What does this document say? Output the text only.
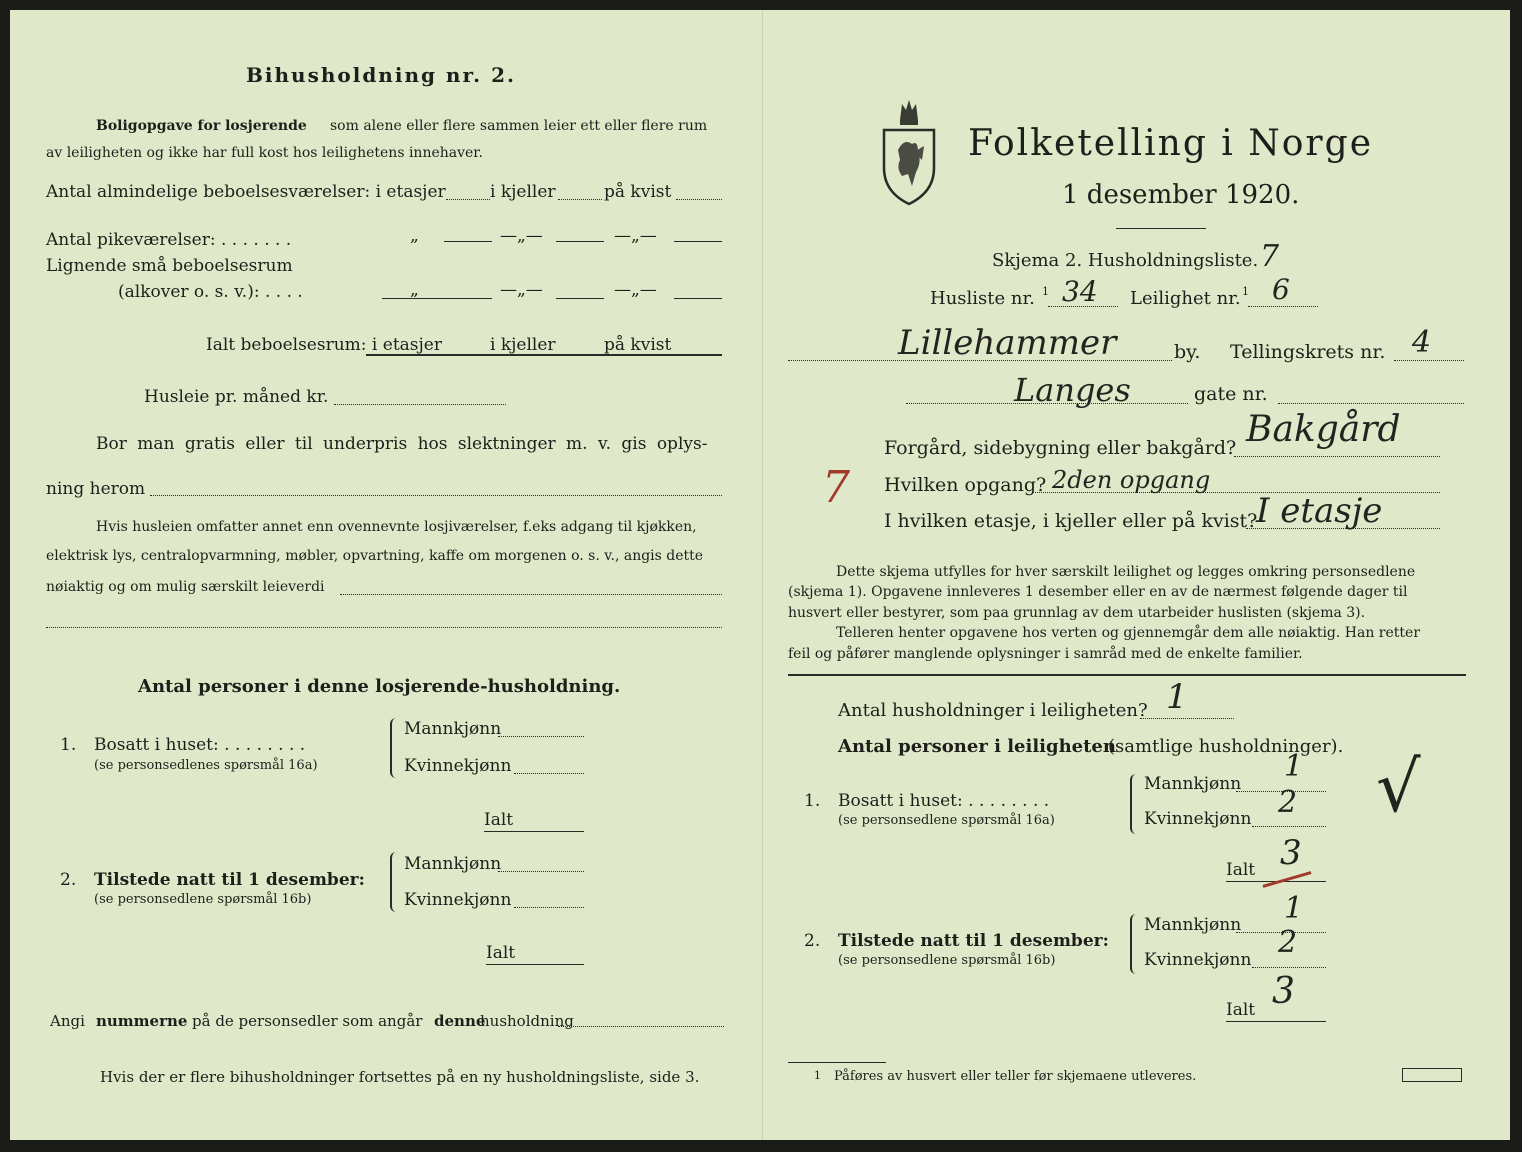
Bihusholdning nr. 2.
Boligopgave for losjerende som alene eller flere sammen leier ett eller flere rum
av leiligheten og ikke har full kost hos leilighetens innehaver.
Antal almindelige beboelsesværelser: i etasjer	i kjeller	på kvist
Antal pikeværelser: . . . . . . .	„	—„—	—„—
Lignende små beboelsesrum
(alkover o. s. v.): . . . .	„	—„—	—„—
Ialt beboelsesrum: i etasjer	i kjeller	på kvist
Husleie pr. måned kr.
Bor man gratis eller til underpris hos slektninger m. v. gis oplys-
ning herom
Hvis husleien omfatter annet enn ovennevnte losjiværelser, f.eks adgang til kjøkken,
elektrisk lys, centralopvarmning, møbler, opvartning, kaffe om morgenen o. s. v., angis dette
nøiaktig og om mulig særskilt leieverdi
Antal personer i denne losjerende-husholdning.
1. Bosatt i huset: . . . . . . . .
(se personsedlenes spørsmål 16a)
Mannkjønn
Kvinnekjønn
Ialt
2. Tilstede natt til 1 desember:
(se personsedlene spørsmål 16b)
Mannkjønn
Kvinnekjønn
Ialt
Angi nummerne på de personsedler som angår denne
husholdning
Hvis der er flere bihusholdninger fortsettes på en ny husholdningsliste, side 3.
Folketelling i Norge
1 desember 1920.
Skjema 2. Husholdningsliste. 7
Husliste nr. 1 34 Leilighet nr. 1 6
Lillehammer	by. Tellingskrets nr. 4
Langes	gate nr.
Forgård, sidebygning eller bakgård? Bakgård
7 Hvilken opgang? 2den opgang
I hvilken etasje, i kjeller eller på kvist?
I etasje
Dette skjema utfylles for hver særskilt leilighet og legges omkring personsedlene
(skjema 1). Opgavene innleveres 1 desember eller en av de nærmest følgende dager til
husvert eller bestyrer, som paa grunnlag av dem utarbeider huslisten (skjema 3).
Telleren henter opgavene hos verten og gjennemgår dem alle nøiaktig. Han retter
feil og påfører manglende oplysninger i samråd med de enkelte familier.
Antal husholdninger i leiligheten? 1
Antal personer i leiligheten
(samtlige husholdninger).
1. Bosatt i huset: . . . . . . . .
(se personsedlene spørsmål 16a)
Mannkjønn 1
Kvinnekjønn 2
Ialt 3
√
2. Tilstede natt til 1 desember:
(se personsedlene spørsmål 16b)
Mannkjønn 1
Kvinnekjønn 2
Ialt 3
1 Påføres av husvert eller teller før skjemaene utleveres.
